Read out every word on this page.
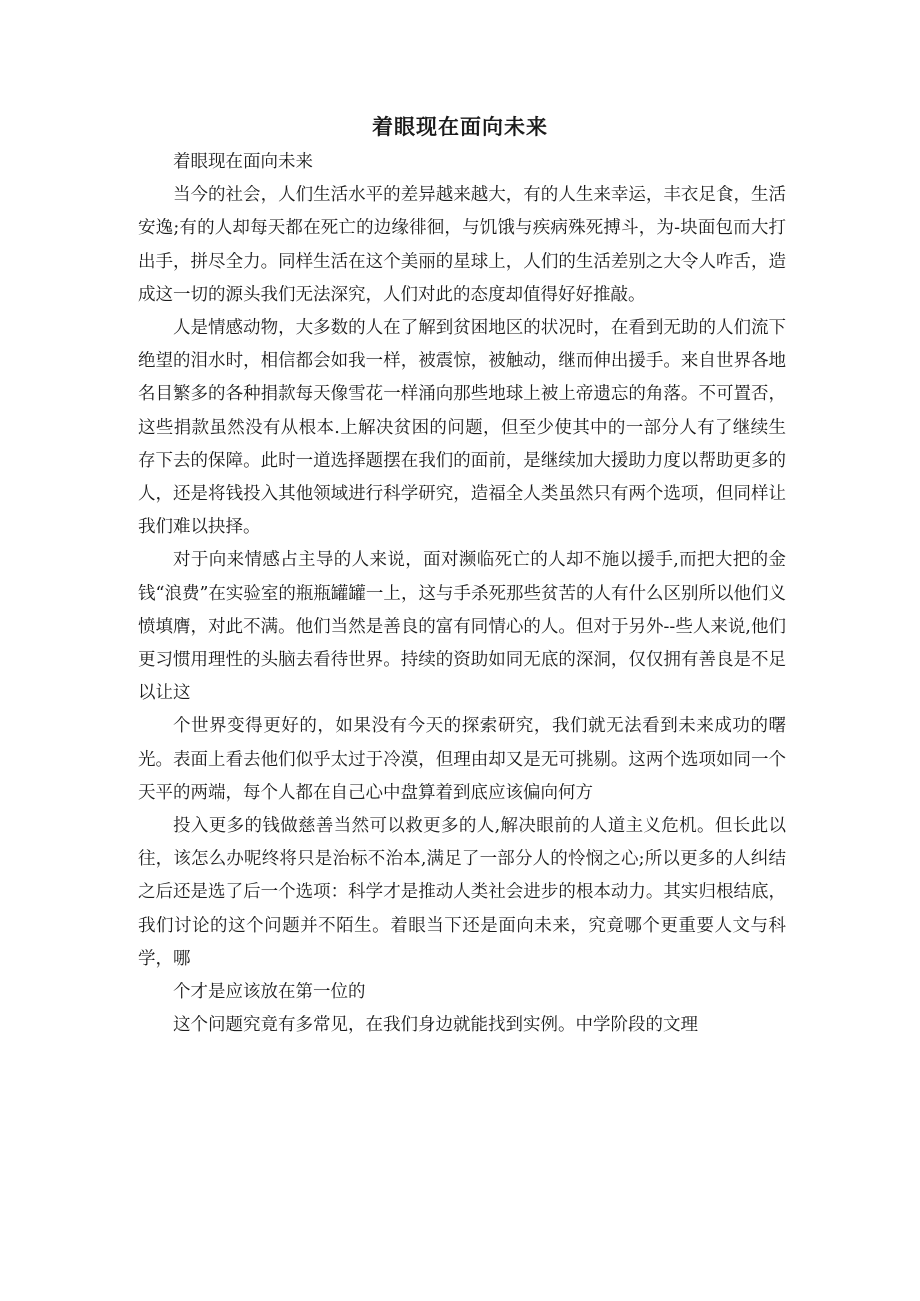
着眼现在面向未来

着眼现在面向未来

当今的社会，人们生活水平的差异越来越大，有的人生来幸运，丰衣足食，生活安逸;有的人却每天都在死亡的边缘徘徊，与饥饿与疾病殊死搏斗，为-块面包而大打出手，拼尽全力。同样生活在这个美丽的星球上，人们的生活差别之大令人咋舌，造成这一切的源头我们无法深究，人们对此的态度却值得好好推敲。

人是情感动物，大多数的人在了解到贫困地区的状况时，在看到无助的人们流下绝望的泪水时，相信都会如我一样，被震惊，被触动，继而伸出援手。来自世界各地名目繁多的各种捐款每天像雪花一样涌向那些地球上被上帝遗忘的角落。不可置否，这些捐款虽然没有从根本.上解决贫困的问题，但至少使其中的一部分人有了继续生存下去的保障。此时一道选择题摆在我们的面前，是继续加大援助力度以帮助更多的人，还是将钱投入其他领域进行科学研究，造福全人类虽然只有两个选项，但同样让我们难以抉择。

对于向来情感占主导的人来说，面对濒临死亡的人却不施以援手,而把大把的金钱“浪费”在实验室的瓶瓶罐罐一上，这与手杀死那些贫苦的人有什么区别所以他们义愤填膺，对此不满。他们当然是善良的富有同情心的人。但对于另外--些人来说,他们更习惯用理性的头脑去看待世界。持续的资助如同无底的深洞，仅仅拥有善良是不足以让这

个世界变得更好的，如果没有今天的探索研究，我们就无法看到未来成功的曙光。表面上看去他们似乎太过于冷漠，但理由却又是无可挑剔。这两个选项如同一个天平的两端，每个人都在自己心中盘算着到底应该偏向何方

投入更多的钱做慈善当然可以救更多的人,解决眼前的人道主义危机。但长此以往，该怎么办呢终将只是治标不治本,满足了一部分人的怜悯之心;所以更多的人纠结之后还是选了后一个选项：科学才是推动人类社会进步的根本动力。其实归根结底，我们讨论的这个问题并不陌生。着眼当下还是面向未来，究竟哪个更重要人文与科学，哪

个才是应该放在第一位的

这个问题究竟有多常见，在我们身边就能找到实例。中学阶段的文理
